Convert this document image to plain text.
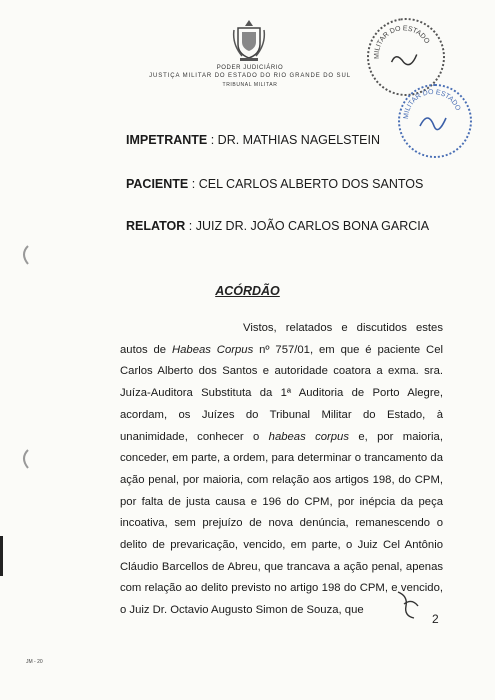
PODER JUDICIÁRIO
JUSTIÇA MILITAR DO ESTADO DO RIO GRANDE DO SUL
TRIBUNAL MILITAR
MILITAR DO ESTADO
MILITAR DO ESTADO
IMPETRANTE : DR. MATHIAS NAGELSTEIN
PACIENTE : CEL CARLOS ALBERTO DOS SANTOS
RELATOR : JUIZ DR. JOÃO CARLOS BONA GARCIA
ACÓRDÃO

Vistos, relatados e discutidos estes autos de Habeas Corpus nº 757/01, em que é paciente Cel Carlos Alberto dos Santos e autoridade coatora a exma. sra. Juíza-Auditora Substituta da 1ª Auditoria de Porto Alegre, acordam, os Juízes do Tribunal Militar do Estado, à unanimidade, conhecer o habeas corpus e, por maioria, conceder, em parte, a ordem, para determinar o trancamento da ação penal, por maioria, com relação aos artigos 198, do CPM, por falta de justa causa e 196 do CPM, por inépcia da peça incoativa, sem prejuízo de nova denúncia, remanescendo o delito de prevaricação, vencido, em parte, o Juiz Cel Antônio Cláudio Barcellos de Abreu, que trancava a ação penal, apenas com relação ao delito previsto no artigo 198 do CPM, e vencido, o Juiz Dr. Octavio Augusto Simon de Souza, que

2
JM - 20
